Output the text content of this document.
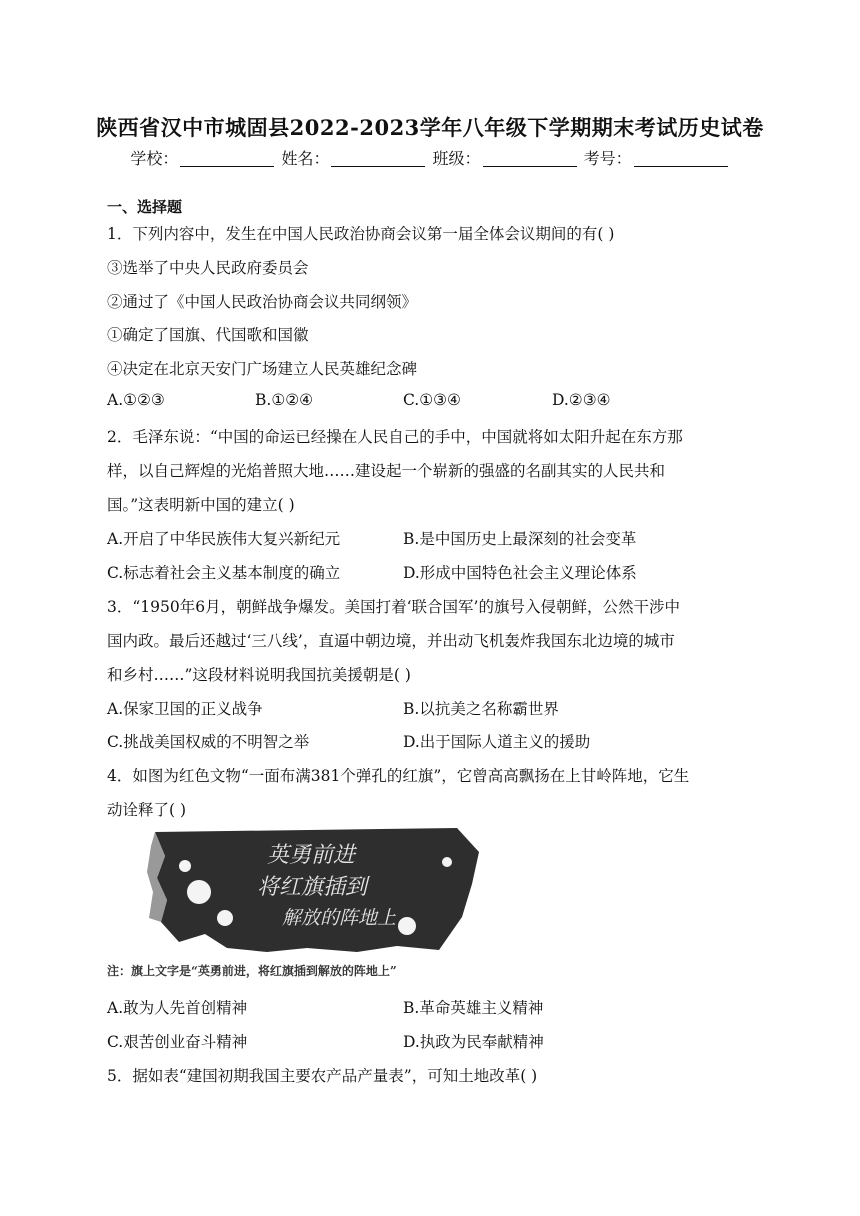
陕西省汉中市城固县2022-2023学年八年级下学期期末考试历史试卷
学校：	姓名：	班级：	考号：
一、选择题
1．下列内容中，发生在中国人民政治协商会议第一届全体会议期间的有( )
③选举了中央人民政府委员会
②通过了《中国人民政治协商会议共同纲领》
①确定了国旗、代国歌和国徽
④决定在北京天安门广场建立人民英雄纪念碑
A.①②③	B.①②④	C.①③④	D.②③④
2．毛泽东说：“中国的命运已经操在人民自己的手中，中国就将如太阳升起在东方那
样，以自己辉煌的光焰普照大地……建设起一个崭新的强盛的名副其实的人民共和
国。”这表明新中国的建立( )
A.开启了中华民族伟大复兴新纪元	B.是中国历史上最深刻的社会变革
C.标志着社会主义基本制度的确立	D.形成中国特色社会主义理论体系
3．“1950年6月，朝鲜战争爆发。美国打着‘联合国军’的旗号入侵朝鲜，公然干涉中
国内政。最后还越过‘三八线’，直逼中朝边境，并出动飞机轰炸我国东北边境的城市
和乡村……”这段材料说明我国抗美援朝是( )
A.保家卫国的正义战争	B.以抗美之名称霸世界
C.挑战美国权威的不明智之举	D.出于国际人道主义的援助
4．如图为红色文物“一面布满381个弹孔的红旗”，它曾高高飘扬在上甘岭阵地，它生
动诠释了( )
英勇前进
将红旗插到
解放的阵地上
注：旗上文字是“英勇前进，将红旗插到解放的阵地上”
A.敢为人先首创精神	B.革命英雄主义精神
C.艰苦创业奋斗精神	D.执政为民奉献精神
5．据如表“建国初期我国主要农产品产量表”，可知土地改革( )
